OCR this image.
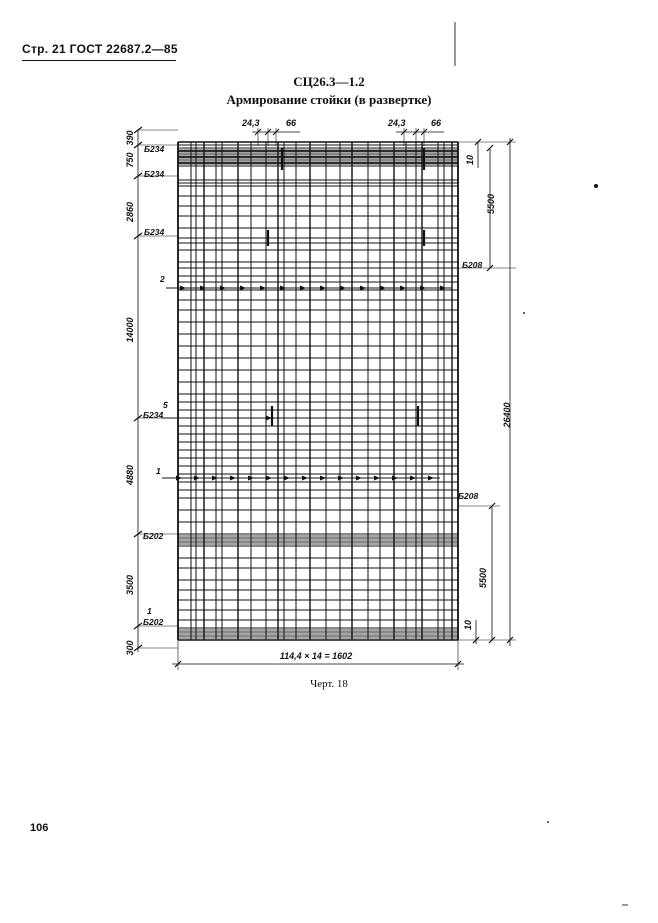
Стр. 21 ГОСТ 22687.2—85
СЦ26.3—1.2
Армирование стойки (в развертке)
24,3	66	24,3	66
390
750
2860
14000
4880
3500
300
Б234
Б234
Б234
Б234
Б202
Б202
Б208
Б208
2
5
1
1
10
5500
26400
5500
10
114,4 × 14 = 1602
Черт. 18
106
